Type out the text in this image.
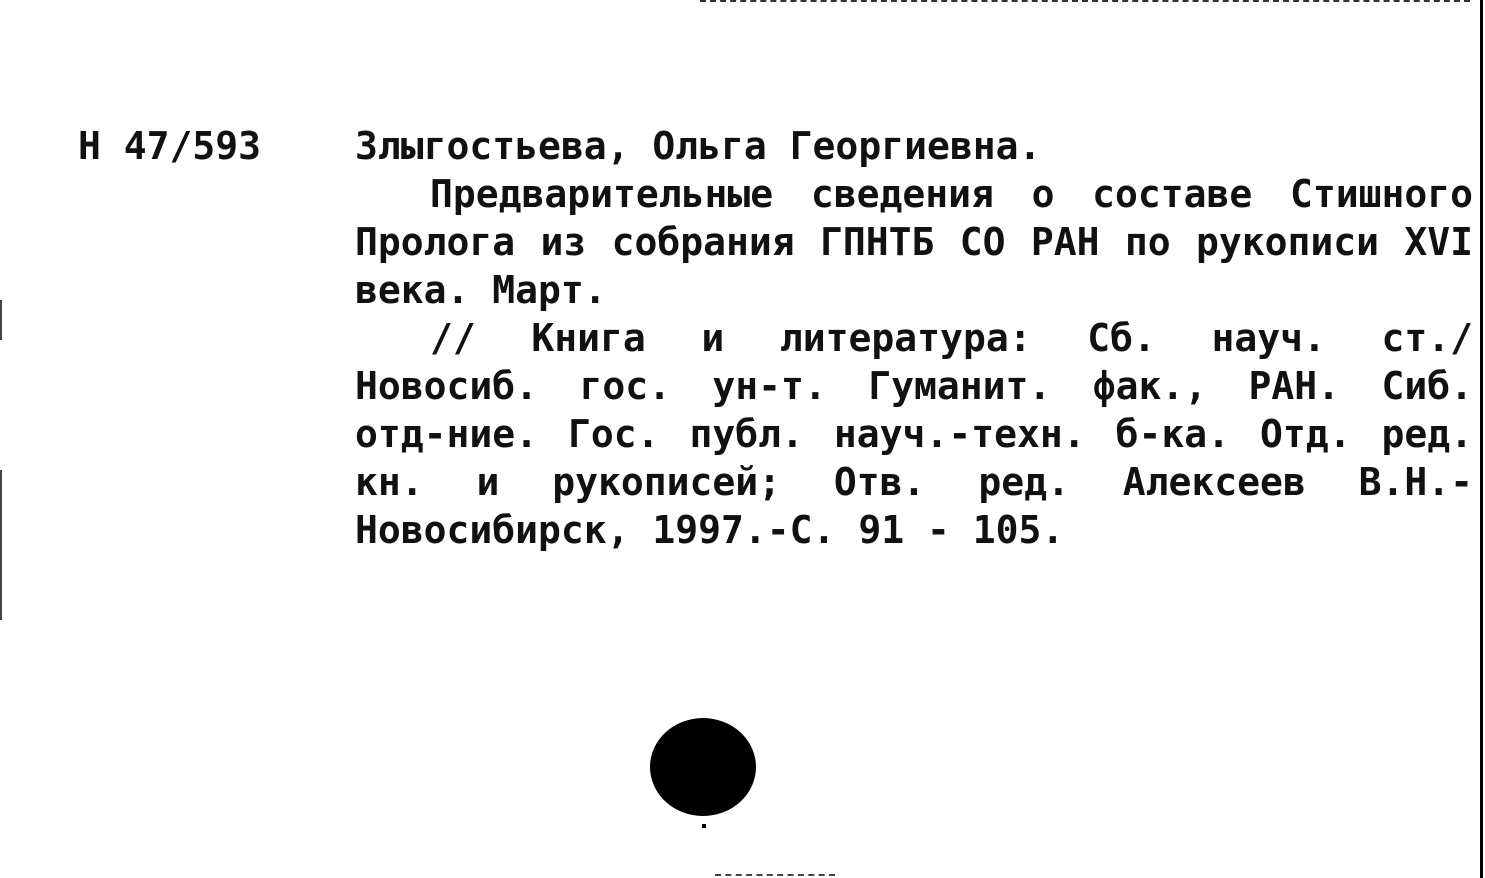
Н 47/593	Злыгостьева, Ольга Георгиевна.

Предварительные сведения о составе Стишного Пролога из собрания ГПНТБ СО РАН по рукописи XVI века. Март.

// Книга и литература: Сб. науч. ст./ Новосиб. гос. ун-т. Гуманит. фак., РАН. Сиб. отд-ние. Гос. публ. науч.-техн. б-ка. Отд. ред. кн. и рукописей; Отв. ред. Алексеев В.Н.- Новосибирск, 1997.-С. 91 - 105.
